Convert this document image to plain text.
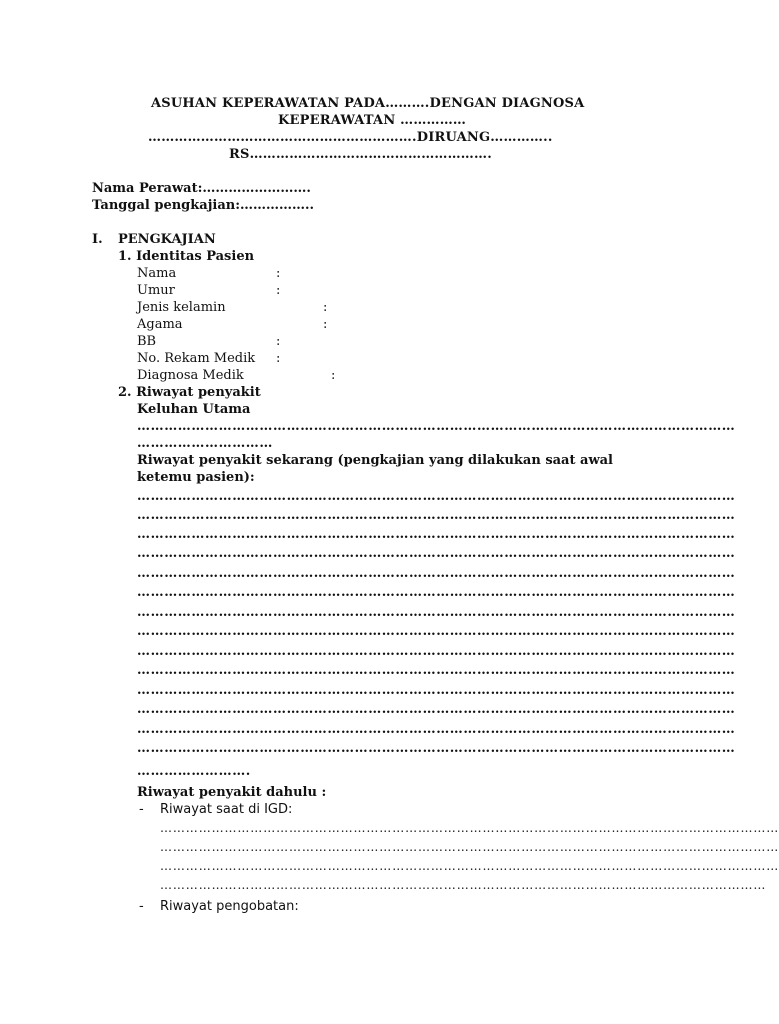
ASUHAN KEPERAWATAN PADA……….DENGAN DIAGNOSA
KEPERAWATAN ……………
…………………………………………………….DIRUANG…………..
RS……………………………………………….
Nama Perawat:…………………….
Tanggal pengkajian:……………..
I. PENGKAJIAN
1. Identitas Pasien
Nama	:
Umur	:
Jenis kelamin	:
Agama	:
BB	:
No. Rekam Medik :
Diagnosa Medik	:
2. Riwayat penyakit
Keluhan Utama
……………………………………………………………………………………………………………………
…………………………
Riwayat penyakit sekarang (pengkajian yang dilakukan saat awal
ketemu pasien):
……………………………………………………………………………………………………………………
……………………………………………………………………………………………………………………
……………………………………………………………………………………………………………………
……………………………………………………………………………………………………………………
……………………………………………………………………………………………………………………
……………………………………………………………………………………………………………………
……………………………………………………………………………………………………………………
……………………………………………………………………………………………………………………
……………………………………………………………………………………………………………………
……………………………………………………………………………………………………………………
……………………………………………………………………………………………………………………
……………………………………………………………………………………………………………………
……………………………………………………………………………………………………………………
……………………………………………………………………………………………………………………
…………………….
Riwayat penyakit dahulu :
- Riwayat saat di IGD:
………………………………………………………………………………………………………………………………
………………………………………………………………………………………………………………………………
………………………………………………………………………………………………………………………………
……………………………………………………………………………………………………………………………
- Riwayat pengobatan:
